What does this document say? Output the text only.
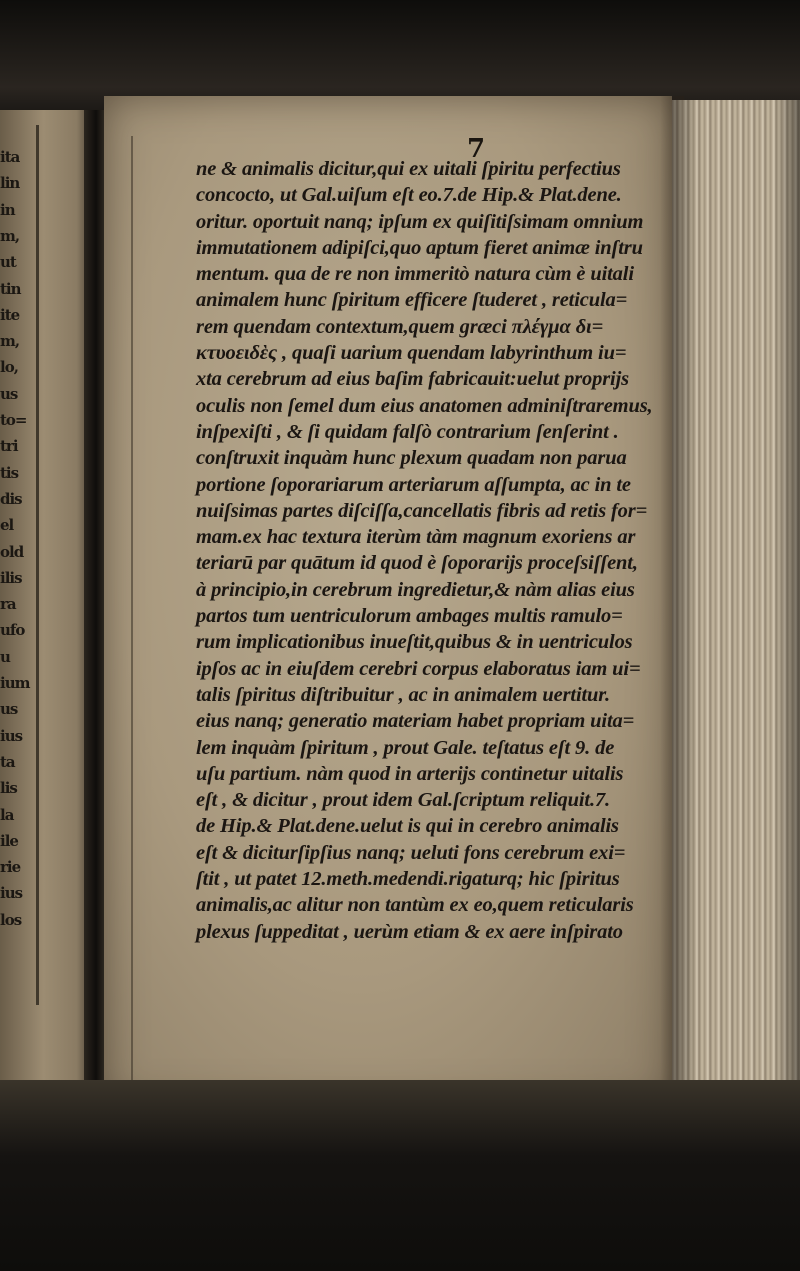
ita
lin
in
m,
ut
tin
ite
m,
lo,
us
to=
tri
tis
dis
el
old
ilis
ra
ufo
u
ium
us
ius
ta
lis
la
ile
rie
ius
los
7
ne & animalis dicitur,qui ex uitali ſpiritu perfectius
concocto, ut Gal.uiſum eſt eo.7.de Hip.& Plat.dene.
oritur. oportuit nanq; ipſum ex quiſitiſsimam omnium
immutationem adipiſci,quo aptum fieret animæ inſtru
mentum. qua de re non immeritò natura cùm è uitali
animalem hunc ſpiritum efficere ſtuderet , reticula=
rem quendam contextum,quem græci πλέγμα δι=
κτυοειδὲς , quaſi uarium quendam labyrinthum iu=
xta cerebrum ad eius baſim fabricauit:uelut proprijs
oculis non ſemel dum eius anatomen adminiſtraremus,
inſpexiſti , & ſi quidam falſò contrarium ſenſerint .
conſtruxit inquàm hunc plexum quadam non parua
portione ſoporariarum arteriarum aſſumpta, ac in te
nuiſsimas partes diſciſſa,cancellatis fibris ad retis for=
mam.ex hac textura iterùm tàm magnum exoriens ar
teriarū par quātum id quod è ſoporarijs proceſsiſſent,
à principio,in cerebrum ingredietur,& nàm alias eius
partos tum uentriculorum ambages multis ramulo=
rum implicationibus inueſtit,quibus & in uentriculos
ipſos ac in eiuſdem cerebri corpus elaboratus iam ui=
talis ſpiritus diſtribuitur , ac in animalem uertitur.
eius nanq; generatio materiam habet propriam uita=
lem inquàm ſpiritum , prout Gale. teſtatus eſt 9. de
uſu partium. nàm quod in arterijs continetur uitalis
eſt , & dicitur , prout idem Gal.ſcriptum reliquit.7.
de Hip.& Plat.dene.uelut is qui in cerebro animalis
eſt & diciturſipſius nanq; ueluti fons cerebrum exi=
ſtit , ut patet 12.meth.medendi.rigaturq; hic ſpiritus
animalis,ac alitur non tantùm ex eo,quem reticularis
plexus ſuppeditat , uerùm etiam & ex aere inſpirato
